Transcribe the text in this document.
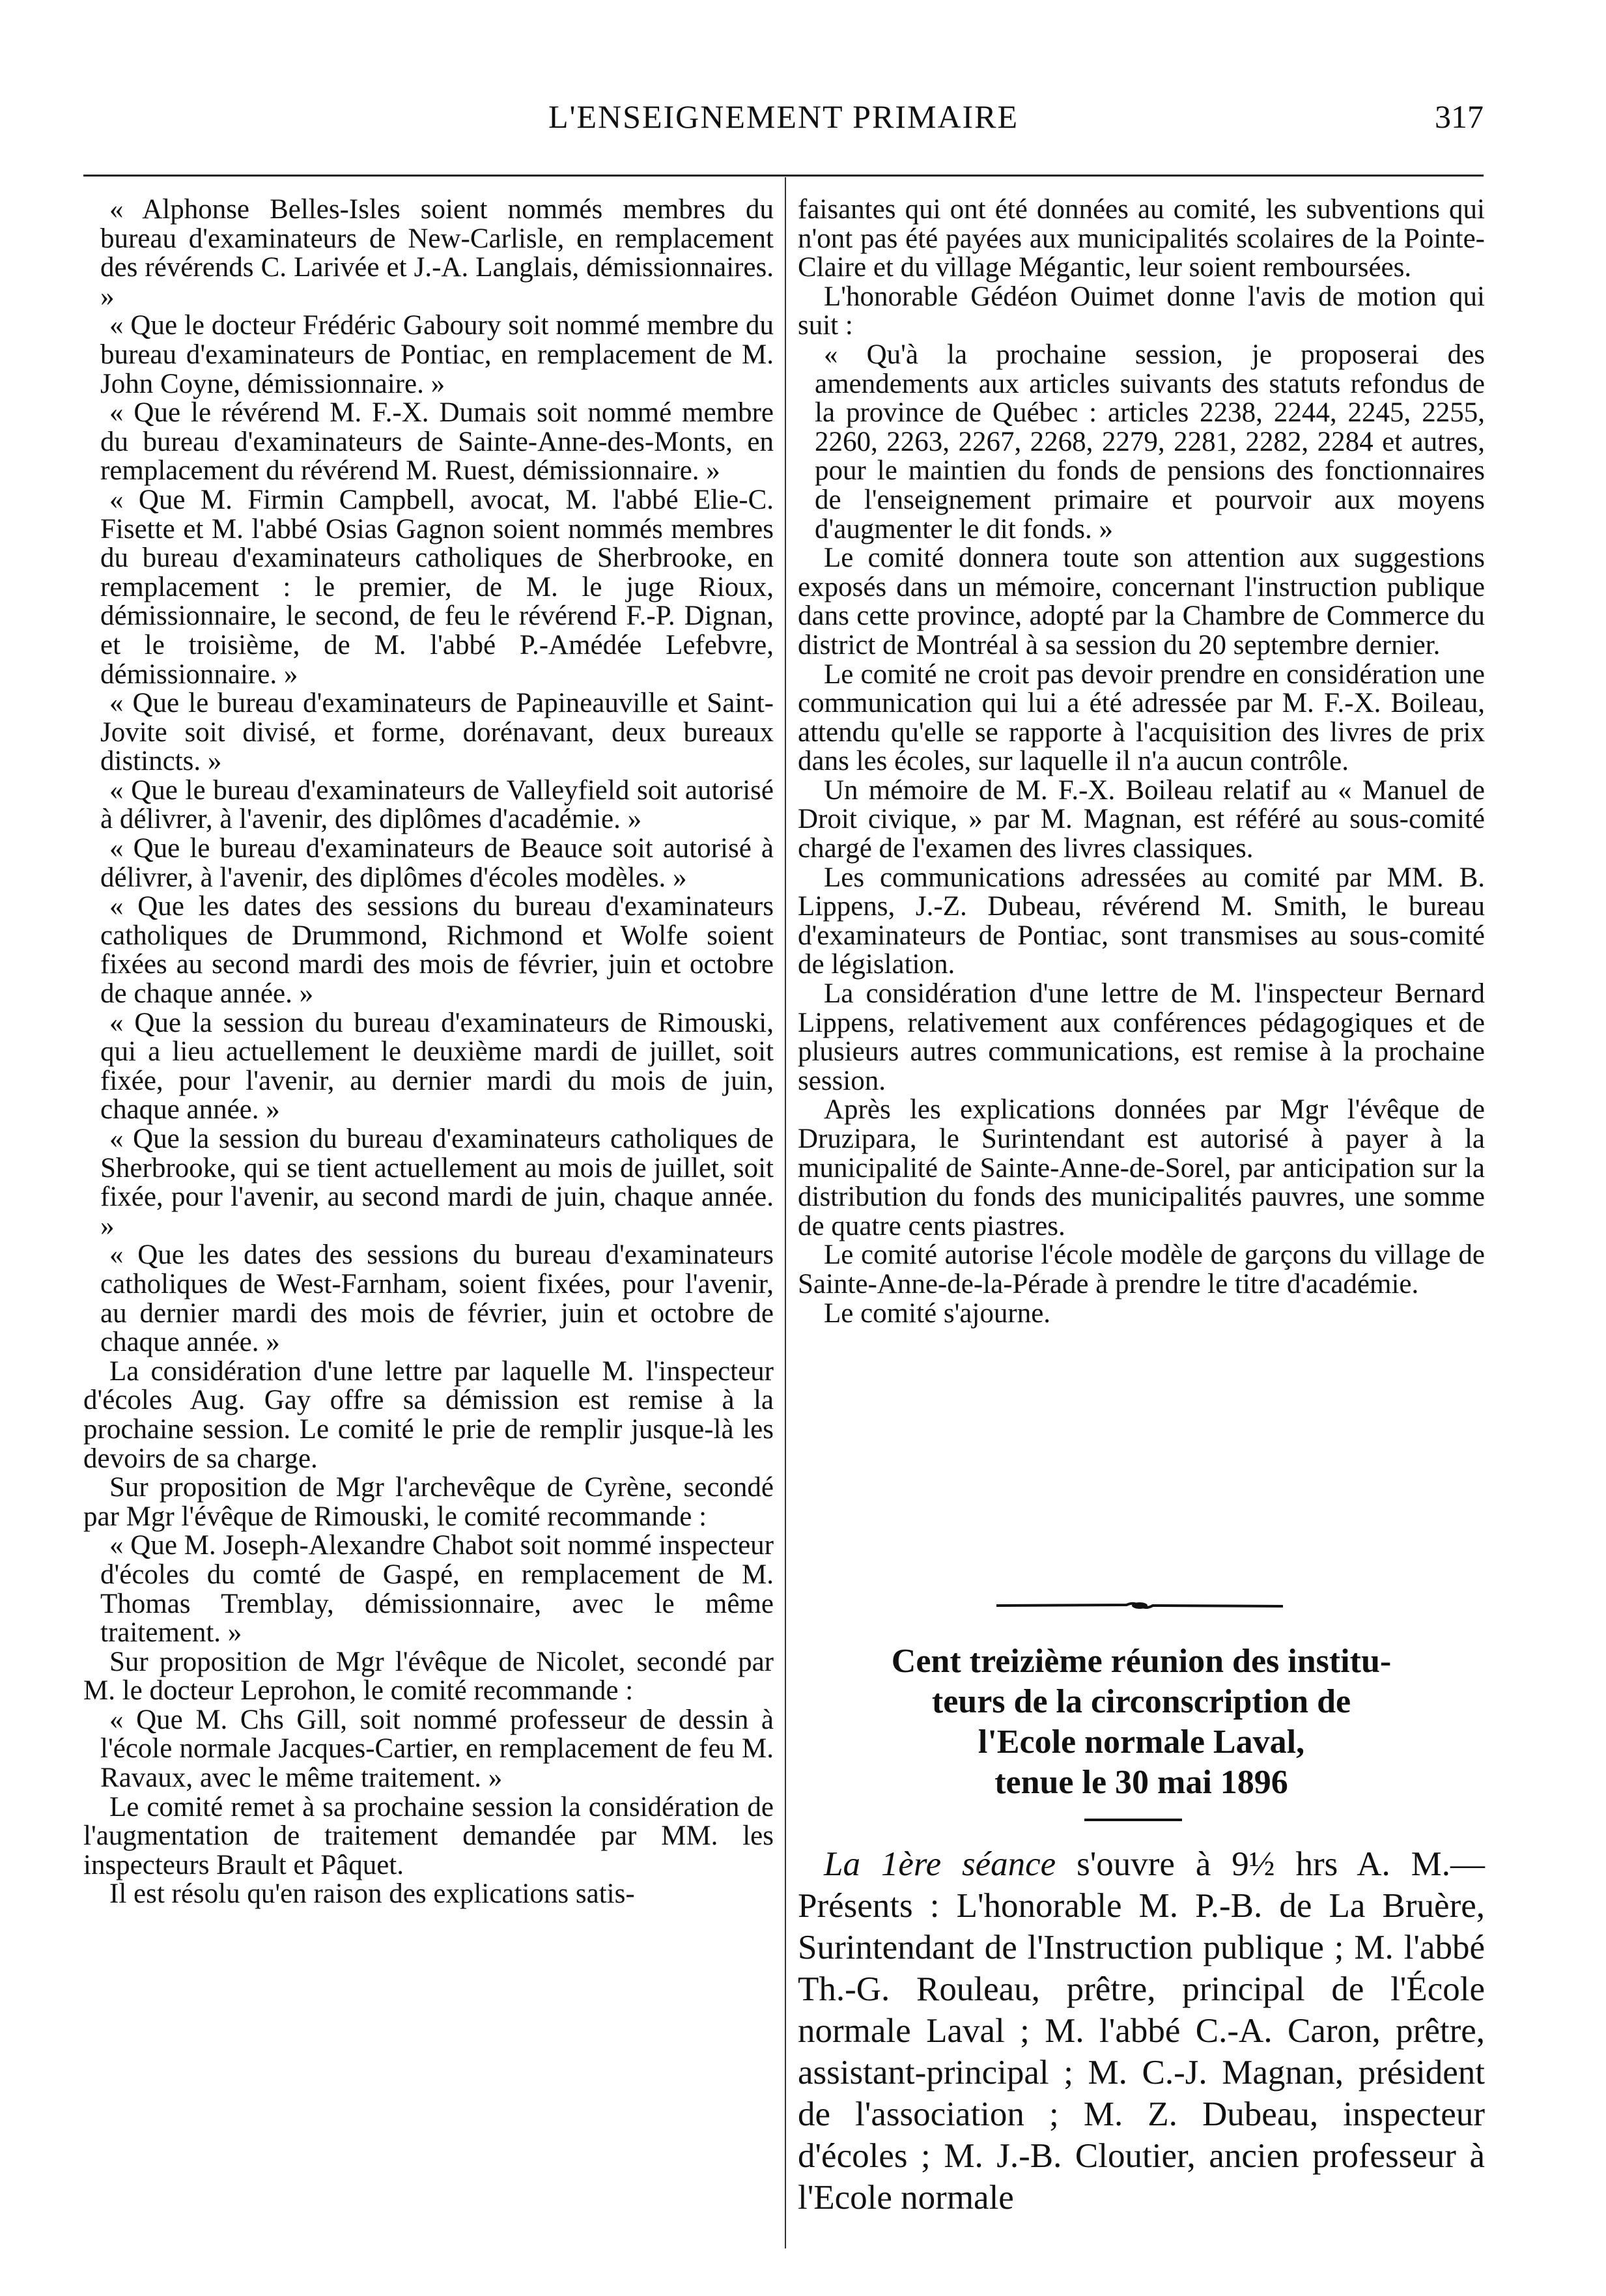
L'ENSEIGNEMENT PRIMAIRE	317

« Alphonse Belles-Isles soient nommés membres du bureau d'examinateurs de New-Carlisle, en remplacement des révérends C. Larivée et J.-A. Langlais, démissionnaires. »

« Que le docteur Frédéric Gaboury soit nommé membre du bureau d'examinateurs de Pontiac, en remplacement de M. John Coyne, démissionnaire. »

« Que le révérend M. F.-X. Dumais soit nommé membre du bureau d'examinateurs de Sainte-Anne-des-Monts, en remplacement du révérend M. Ruest, démissionnaire. »

« Que M. Firmin Campbell, avocat, M. l'abbé Elie-C. Fisette et M. l'abbé Osias Gagnon soient nommés membres du bureau d'examinateurs catholiques de Sherbrooke, en remplacement : le premier, de M. le juge Rioux, démissionnaire, le second, de feu le révérend F.-P. Dignan, et le troisième, de M. l'abbé P.-Amédée Lefebvre, démissionnaire. »

« Que le bureau d'examinateurs de Papineauville et Saint-Jovite soit divisé, et forme, dorénavant, deux bureaux distincts. »

« Que le bureau d'examinateurs de Valleyfield soit autorisé à délivrer, à l'avenir, des diplômes d'académie. »

« Que le bureau d'examinateurs de Beauce soit autorisé à délivrer, à l'avenir, des diplômes d'écoles modèles. »

« Que les dates des sessions du bureau d'examinateurs catholiques de Drummond, Richmond et Wolfe soient fixées au second mardi des mois de février, juin et octobre de chaque année. »

« Que la session du bureau d'examinateurs de Rimouski, qui a lieu actuellement le deuxième mardi de juillet, soit fixée, pour l'avenir, au dernier mardi du mois de juin, chaque année. »

« Que la session du bureau d'examinateurs catholiques de Sherbrooke, qui se tient actuellement au mois de juillet, soit fixée, pour l'avenir, au second mardi de juin, chaque année. »

« Que les dates des sessions du bureau d'examinateurs catholiques de West-Farnham, soient fixées, pour l'avenir, au dernier mardi des mois de février, juin et octobre de chaque année. »

La considération d'une lettre par laquelle M. l'inspecteur d'écoles Aug. Gay offre sa démission est remise à la prochaine session. Le comité le prie de remplir jusque-là les devoirs de sa charge.

Sur proposition de Mgr l'archevêque de Cyrène, secondé par Mgr l'évêque de Rimouski, le comité recommande :

« Que M. Joseph-Alexandre Chabot soit nommé inspecteur d'écoles du comté de Gaspé, en remplacement de M. Thomas Tremblay, démissionnaire, avec le même traitement. »

Sur proposition de Mgr l'évêque de Nicolet, secondé par M. le docteur Leprohon, le comité recommande :

« Que M. Chs Gill, soit nommé professeur de dessin à l'école normale Jacques-Cartier, en remplacement de feu M. Ravaux, avec le même traitement. »

Le comité remet à sa prochaine session la considération de l'augmentation de traitement demandée par MM. les inspecteurs Brault et Pâquet.

Il est résolu qu'en raison des explications satis-

faisantes qui ont été données au comité, les subventions qui n'ont pas été payées aux municipalités scolaires de la Pointe-Claire et du village Mégantic, leur soient remboursées.

L'honorable Gédéon Ouimet donne l'avis de motion qui suit :

« Qu'à la prochaine session, je proposerai des amendements aux articles suivants des statuts refondus de la province de Québec : articles 2238, 2244, 2245, 2255, 2260, 2263, 2267, 2268, 2279, 2281, 2282, 2284 et autres, pour le maintien du fonds de pensions des fonctionnaires de l'enseignement primaire et pourvoir aux moyens d'augmenter le dit fonds. »

Le comité donnera toute son attention aux suggestions exposés dans un mémoire, concernant l'instruction publique dans cette province, adopté par la Chambre de Commerce du district de Montréal à sa session du 20 septembre dernier.

Le comité ne croit pas devoir prendre en considération une communication qui lui a été adressée par M. F.-X. Boileau, attendu qu'elle se rapporte à l'acquisition des livres de prix dans les écoles, sur laquelle il n'a aucun contrôle.

Un mémoire de M. F.-X. Boileau relatif au « Manuel de Droit civique, » par M. Magnan, est référé au sous-comité chargé de l'examen des livres classiques.

Les communications adressées au comité par MM. B. Lippens, J.-Z. Dubeau, révérend M. Smith, le bureau d'examinateurs de Pontiac, sont transmises au sous-comité de législation.

La considération d'une lettre de M. l'inspecteur Bernard Lippens, relativement aux conférences pédagogiques et de plusieurs autres communications, est remise à la prochaine session.

Après les explications données par Mgr l'évêque de Druzipara, le Surintendant est autorisé à payer à la municipalité de Sainte-Anne-de-Sorel, par anticipation sur la distribution du fonds des municipalités pauvres, une somme de quatre cents piastres.

Le comité autorise l'école modèle de garçons du village de Sainte-Anne-de-la-Pérade à prendre le titre d'académie.

Le comité s'ajourne.

Cent treizième réunion des institu-
teurs de la circonscription de
l'Ecole normale Laval,
tenue le 30 mai 1896

La 1ère séance s'ouvre à 9½ hrs A. M.— Présents : L'honorable M. P.-B. de La Bruère, Surintendant de l'Instruction publique ; M. l'abbé Th.-G. Rouleau, prêtre, principal de l'École normale Laval ; M. l'abbé C.-A. Caron, prêtre, assistant-principal ; M. C.-J. Magnan, président de l'association ; M. Z. Dubeau, inspecteur d'écoles ; M. J.-B. Cloutier, ancien professeur à l'Ecole normale
